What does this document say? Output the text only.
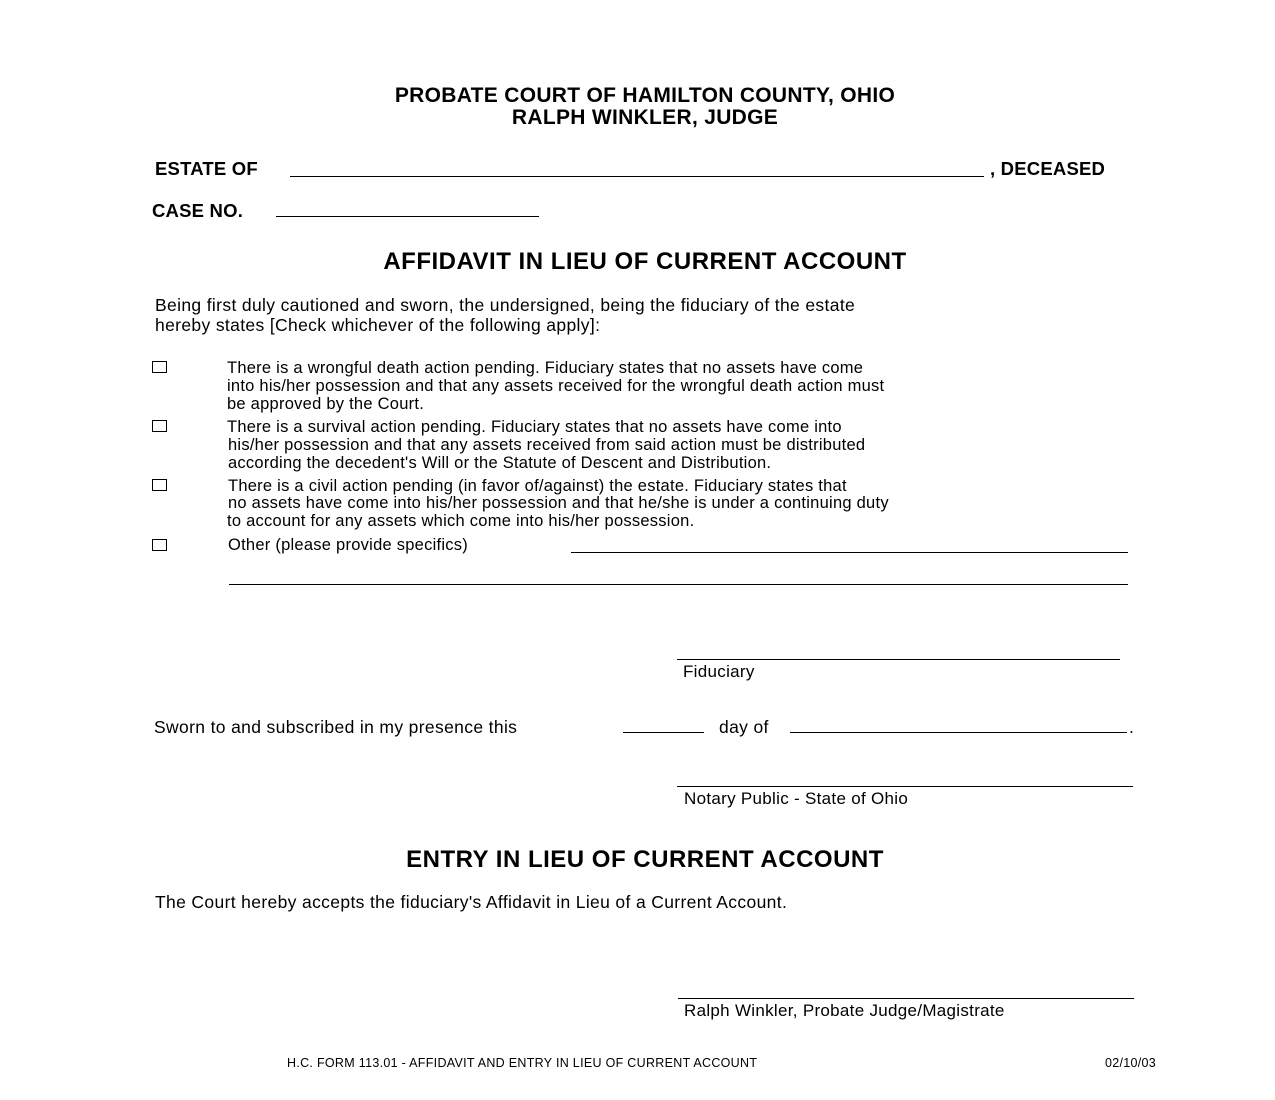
PROBATE COURT OF HAMILTON COUNTY, OHIO
RALPH WINKLER, JUDGE
ESTATE OF	, DECEASED
CASE NO.
AFFIDAVIT IN LIEU OF CURRENT ACCOUNT
Being first duly cautioned and sworn, the undersigned, being the fiduciary of the estate
hereby states [Check whichever of the following apply]:
There is a wrongful death action pending. Fiduciary states that no assets have come
into his/her possession and that any assets received for the wrongful death action must
be approved by the Court.
There is a survival action pending. Fiduciary states that no assets have come into
his/her possession and that any assets received from said action must be distributed
according the decedent's Will or the Statute of Descent and Distribution.
There is a civil action pending (in favor of/against) the estate. Fiduciary states that
no assets have come into his/her possession and that he/she is under a continuing duty
to account for any assets which come into his/her possession.
Other (please provide specifics)
Fiduciary
Sworn to and subscribed in my presence this	day of	.
Notary Public - State of Ohio
ENTRY IN LIEU OF CURRENT ACCOUNT
The Court hereby accepts the fiduciary's Affidavit in Lieu of a Current Account.
Ralph Winkler, Probate Judge/Magistrate
H.C. FORM 113.01 - AFFIDAVIT AND ENTRY IN LIEU OF CURRENT ACCOUNT	02/10/03
